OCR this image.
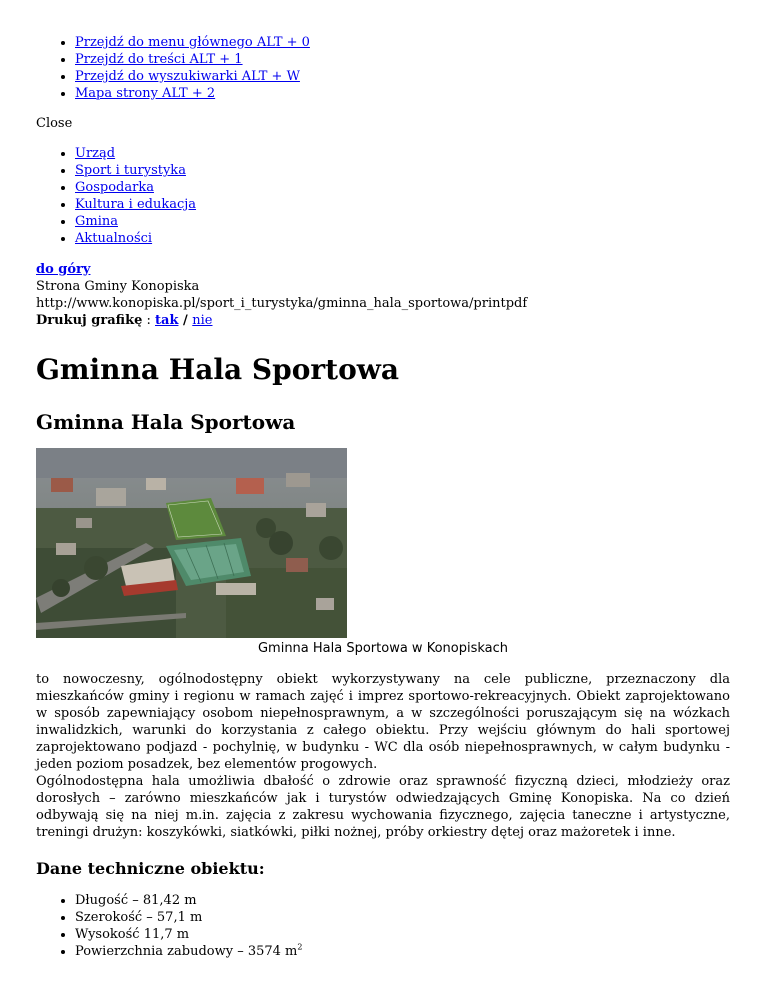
• Przejdź do menu głównego ALT + 0
• Przejdź do treści ALT + 1
• Przejdź do wyszukiwarki ALT + W
• Mapa strony ALT + 2
Close
• Urząd
• Sport i turystyka
• Gospodarka
• Kultura i edukacja
• Gmina
• Aktualności
do góry
Strona Gminy Konopiska
http://www.konopiska.pl/sport_i_turystyka/gminna_hala_sportowa/printpdf
Drukuj grafikę : tak / nie
Gminna Hala Sportowa
Gminna Hala Sportowa
Gminna Hala Sportowa w Konopiskach
to nowoczesny, ogólnodostępny obiekt wykorzystywany na cele publiczne, przeznaczony dla mieszkańców gminy i regionu w ramach zajęć i imprez sportowo-rekreacyjnych. Obiekt zaprojektowano w sposób zapewniający osobom niepełnosprawnym, a w szczególności poruszającym się na wózkach inwalidzkich, warunki do korzystania z całego obiektu. Przy wejściu głównym do hali sportowej zaprojektowano podjazd - pochylnię, w budynku - WC dla osób niepełnosprawnych, w całym budynku - jeden poziom posadzek, bez elementów progowych.
Ogólnodostępna hala umożliwia dbałość o zdrowie oraz sprawność fizyczną dzieci, młodzieży oraz dorosłych – zarówno mieszkańców jak i turystów odwiedzających Gminę Konopiska. Na co dzień odbywają się na niej m.in. zajęcia z zakresu wychowania fizycznego, zajęcia taneczne i artystyczne, treningi drużyn: koszykówki, siatkówki, piłki nożnej, próby orkiestry dętej oraz mażoretek i inne.
Dane techniczne obiektu:
• Długość – 81,42 m
• Szerokość – 57,1 m
• Wysokość 11,7 m
• Powierzchnia zabudowy – 3574 $m^2$
